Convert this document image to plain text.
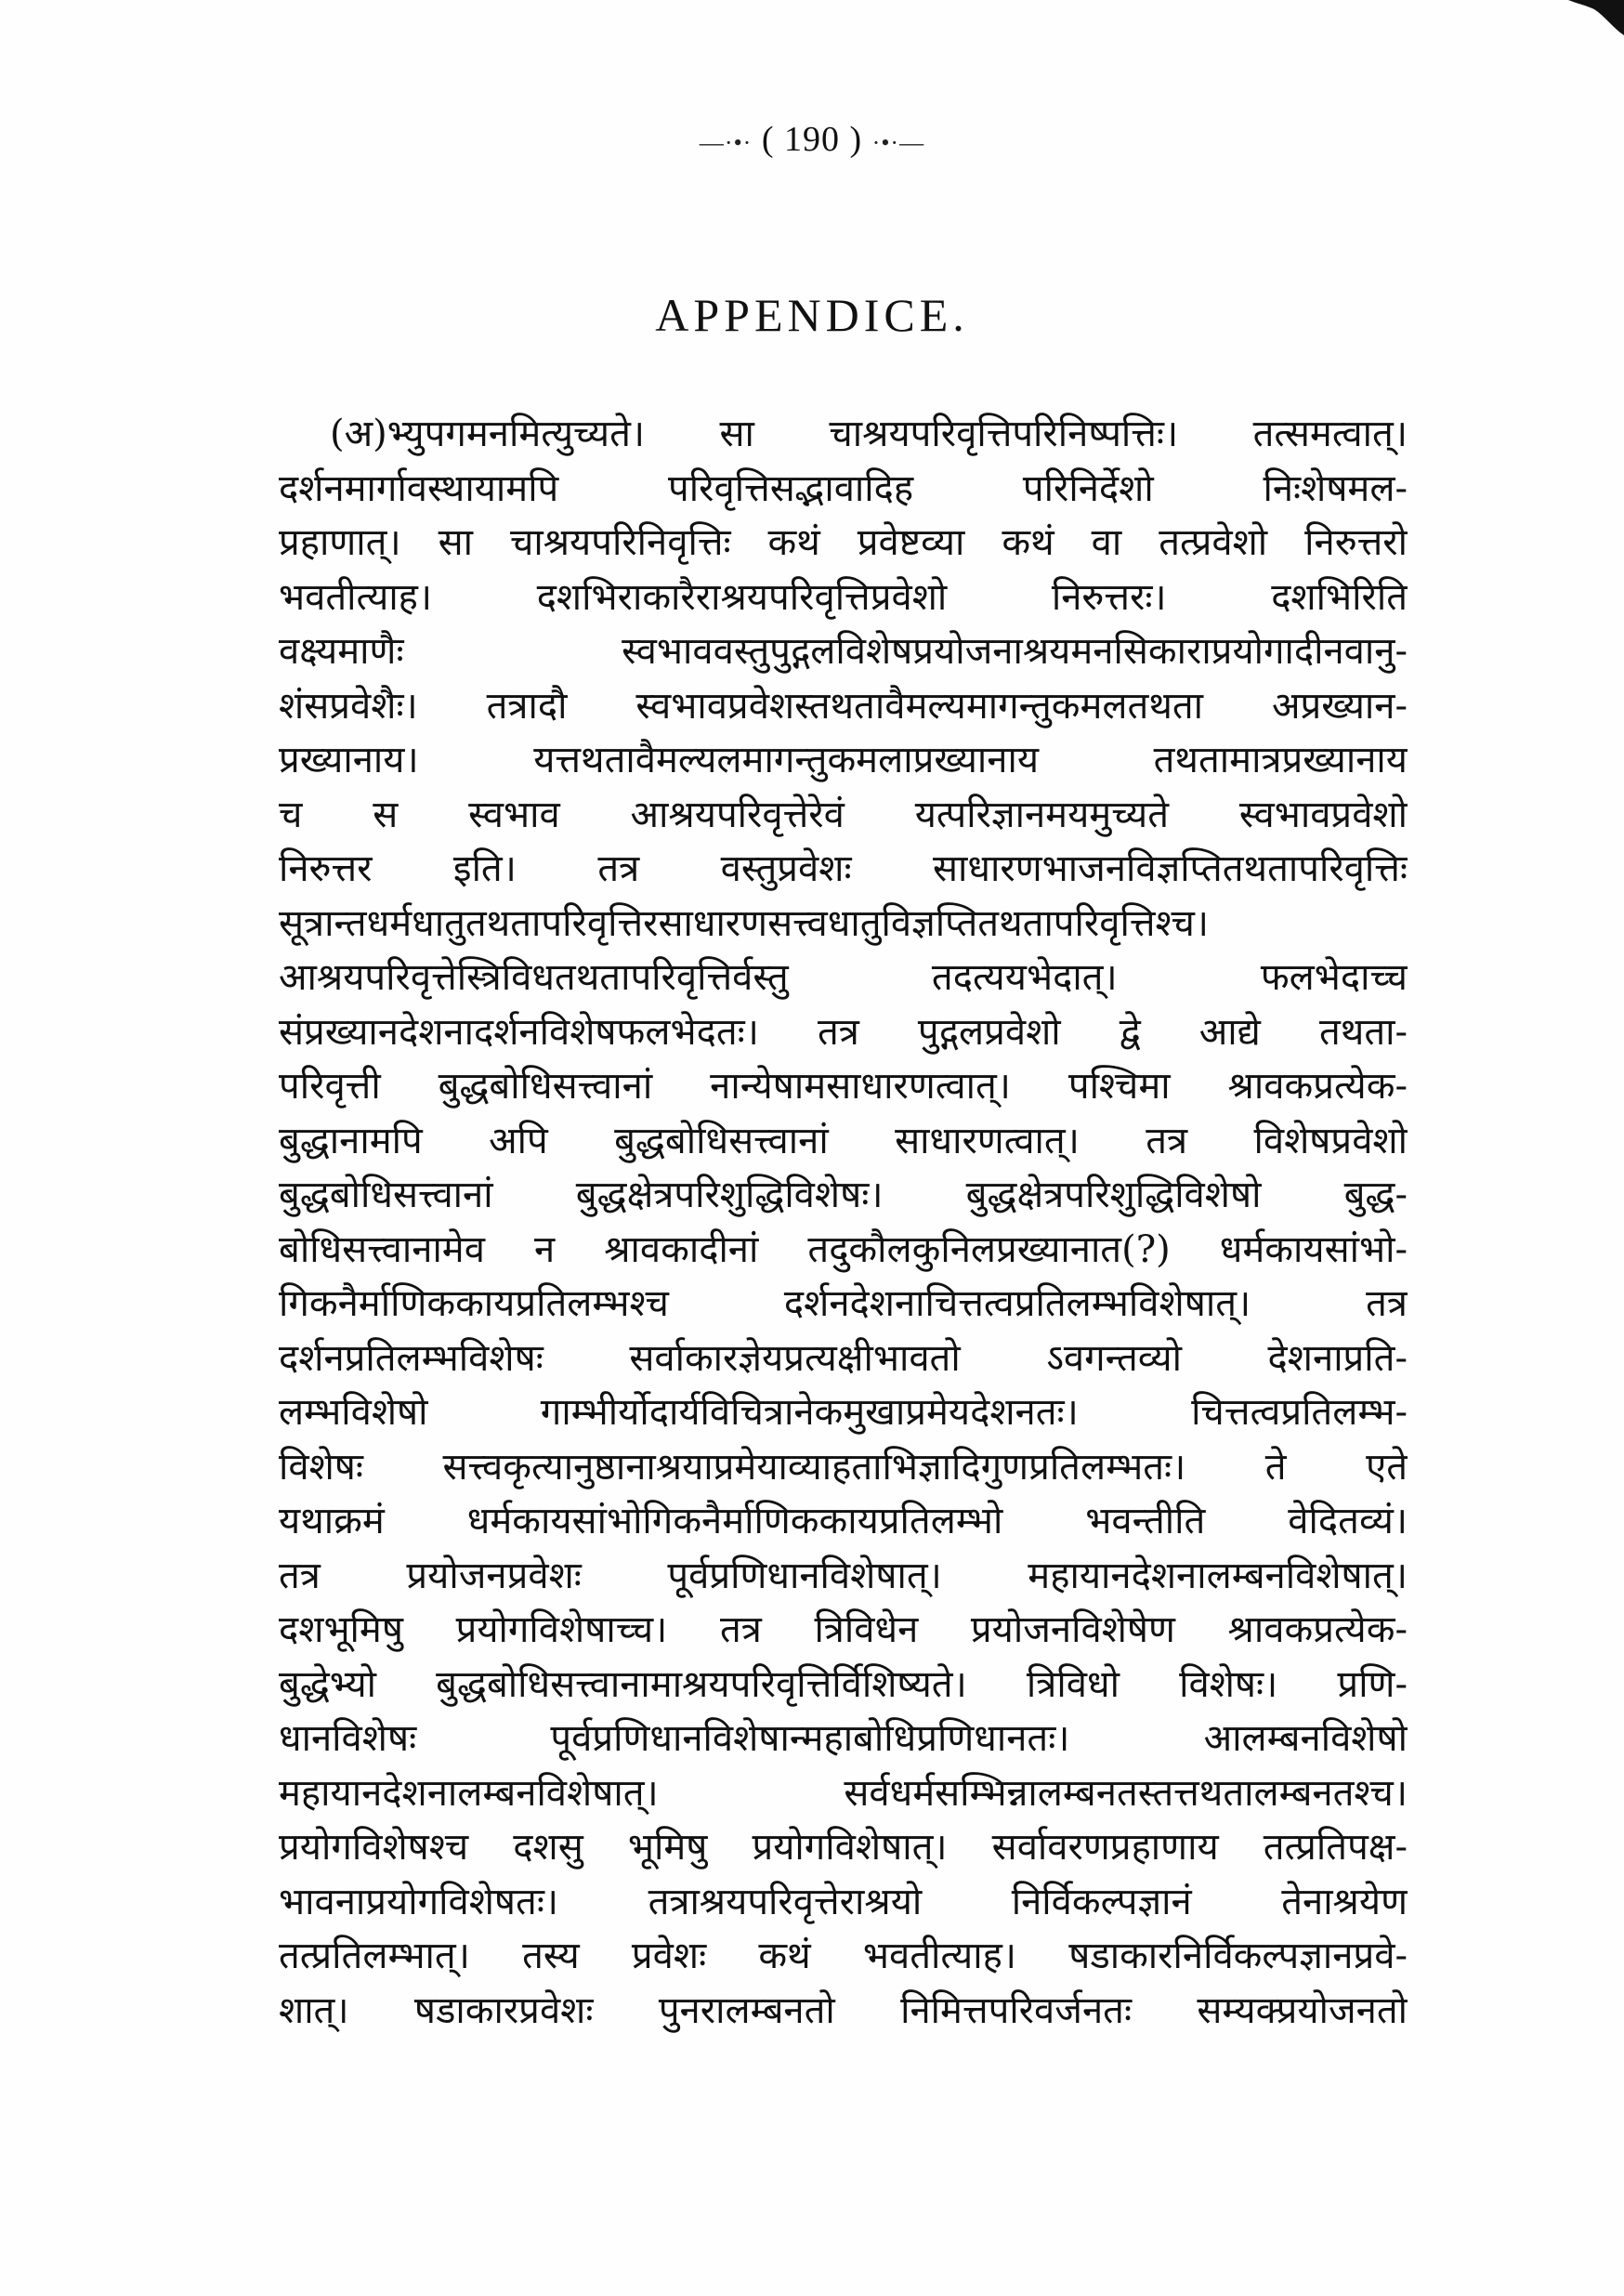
—·•· ( 190 ) ·•·—
APPENDICE.
(अ)भ्युपगमनमित्युच्यते। सा चाश्रयपरिवृत्तिपरिनिष्पत्तिः। तत्समत्वात्।
दर्शनमार्गावस्थायामपि परिवृत्तिसद्भावादिह परिनिर्देशो निःशेषमल-
प्रहाणात्। सा चाश्रयपरिनिवृत्तिः कथं प्रवेष्टव्या कथं वा तत्प्रवेशो निरुत्तरो
भवतीत्याह। दशभिराकारैराश्रयपरिवृत्तिप्रवेशो निरुत्तरः। दशभिरिति
वक्ष्यमाणैः स्वभाववस्तुपुद्गलविशेषप्रयोजनाश्रयमनसिकाराप्रयोगादीनवानु-
शंसप्रवेशैः। तत्रादौ स्वभावप्रवेशस्तथतावैमल्यमागन्तुकमलतथता अप्रख्यान-
प्रख्यानाय। यत्तथतावैमल्यलमागन्तुकमलाप्रख्यानाय तथतामात्रप्रख्यानाय
च स स्वभाव आश्रयपरिवृत्तेरेवं यत्परिज्ञानमयमुच्यते स्वभावप्रवेशो
निरुत्तर इति। तत्र वस्तुप्रवेशः साधारणभाजनविज्ञप्तितथतापरिवृत्तिः
सूत्रान्तधर्मधातुतथतापरिवृत्तिरसाधारणसत्त्वधातुविज्ञप्तितथतापरिवृत्तिश्च।
आश्रयपरिवृत्तेस्त्रिविधतथतापरिवृत्तिर्वस्तु तदत्ययभेदात्। फलभेदाच्च
संप्रख्यानदेशनादर्शनविशेषफलभेदतः। तत्र पुद्गलप्रवेशो द्वे आद्ये तथता-
परिवृत्ती बुद्धबोधिसत्त्वानां नान्येषामसाधारणत्वात्। पश्चिमा श्रावकप्रत्येक-
बुद्धानामपि अपि बुद्धबोधिसत्त्वानां साधारणत्वात्। तत्र विशेषप्रवेशो
बुद्धबोधिसत्त्वानां बुद्धक्षेत्रपरिशुद्धिविशेषः। बुद्धक्षेत्रपरिशुद्धिविशेषो बुद्ध-
बोधिसत्त्वानामेव न श्रावकादीनां तदुकौलकुनिलप्रख्यानात(?) धर्मकायसांभो-
गिकनैर्माणिककायप्रतिलम्भश्च दर्शनदेशनाचित्तत्वप्रतिलम्भविशेषात्। तत्र
दर्शनप्रतिलम्भविशेषः सर्वाकारज्ञेयप्रत्यक्षीभावतो ऽवगन्तव्यो देशनाप्रति-
लम्भविशेषो गाम्भीर्योदार्यविचित्रानेकमुखाप्रमेयदेशनतः। चित्तत्वप्रतिलम्भ-
विशेषः सत्त्वकृत्यानुष्ठानाश्रयाप्रमेयाव्याहताभिज्ञादिगुणप्रतिलम्भतः। ते एते
यथाक्रमं धर्मकायसांभोगिकनैर्माणिककायप्रतिलम्भो भवन्तीति वेदितव्यं।
तत्र प्रयोजनप्रवेशः पूर्वप्रणिधानविशेषात्। महायानदेशनालम्बनविशेषात्।
दशभूमिषु प्रयोगविशेषाच्च। तत्र त्रिविधेन प्रयोजनविशेषेण श्रावकप्रत्येक-
बुद्धेभ्यो बुद्धबोधिसत्त्वानामाश्रयपरिवृत्तिर्विशिष्यते। त्रिविधो विशेषः। प्रणि-
धानविशेषः पूर्वप्रणिधानविशेषान्महाबोधिप्रणिधानतः। आलम्बनविशेषो
महायानदेशनालम्बनविशेषात्। सर्वधर्मसम्भिन्नालम्बनतस्तत्तथतालम्बनतश्च।
प्रयोगविशेषश्च दशसु भूमिषु प्रयोगविशेषात्। सर्वावरणप्रहाणाय तत्प्रतिपक्ष-
भावनाप्रयोगविशेषतः। तत्राश्रयपरिवृत्तेराश्रयो निर्विकल्पज्ञानं तेनाश्रयेण
तत्प्रतिलम्भात्। तस्य प्रवेशः कथं भवतीत्याह। षडाकारनिर्विकल्पज्ञानप्रवे-
शात्। षडाकारप्रवेशः पुनरालम्बनतो निमित्तपरिवर्जनतः सम्यक्प्रयोजनतो
